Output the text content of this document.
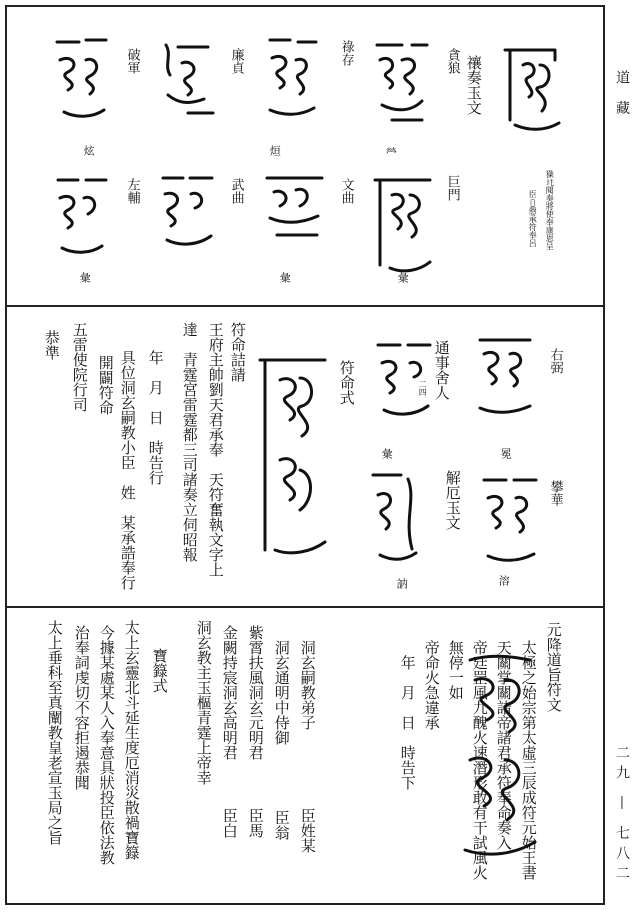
道 藏
二九 — 七八二
𤢖𡉒閱奏將使奉康恩呈
臣𣭥𢡱承符奉呂
禳奏玉文
貪狼
巨門
祿存
文曲
𤇾
𢑥
廉貞
武曲
烜
𢑥
破軍
左輔
炫
𢑥
右弼
攀華
通事舍人
二四
解厄玉文
冕
溶
符命式
𢑥
訥
符命詰請
王府主帥劉天君承奉　天符奮執文字上
達　青霆宮雷霆都三司諸奏立伺昭報
年　月　日　時告行
具位洞玄嗣教小臣　姓　某承誥奉行
五雷使院行司 開闢符命
恭準
元降道旨符文
太極之始宗第太虛三辰成符元始王書
天關掌關諸帝諸君承符奉命奏入
帝廷罡風九醜火速潛形敢有干試風火
無停一如
帝命火急違承
年　月　日　時告下
洞玄嗣教弟子
臣姓某
洞玄通明中侍御
臣翁
紫霄扶風洞玄元明君
臣馬
金闕持宸洞玄高明君
臣白
洞玄教主玉樞青霆上帝幸
寶籙式
太上玄靈北斗延生度厄消災散禍寶籙
今據某處某人入奉意具狀投臣依法教
治奉詞虔切不容拒遏恭聞
太上垂科至真闡教皇老宣玉局之旨
